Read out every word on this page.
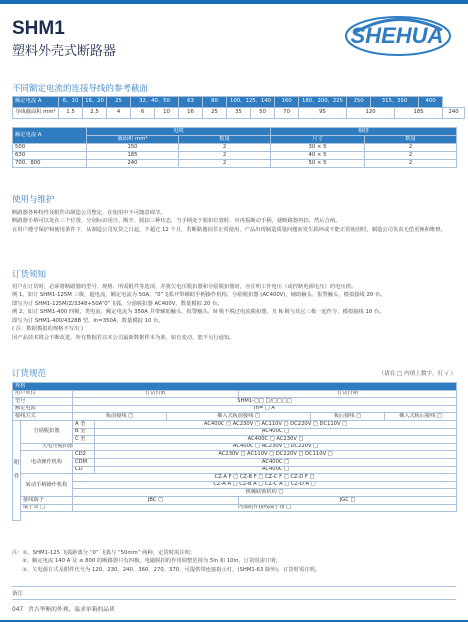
SHM1
塑料外壳式断路器
SHEHUA
不同额定电流的连接导线的参考截面
额定电流 A	6、10	16、20	25	32、40、50		63	80	100、125、140		160	180、200、225	250	315、350		400	
导线截面积 mm²	1.5	2.5	4	6	10	16	25	35	50	70	95	120		185		240
额定电流 A	电缆		铜排	
	截面积 mm²	数量	尺寸	数量
500	150	2	30 × 5	2
630	185	2	40 × 5	2
700、800	240	2	50 × 5	2
使用与维护
断路器各种特性及附件由制造公司整定，在使用中不可随意调节。
断路器手柄可以处在三个位置，分别标识闭合、断开、脱扣三种状态，当手柄处于脱扣位置时，应再扳断动手柄，使断路器再扣，然后合闸。
在用户遵守保护和使用条件下，从制造公司发货之日起，不超过 12 个月，若断路器因非正常使用，产品出现制造质量问题而发生损坏或不能正常使用时，制造公司负责无偿更换和维修。
订货须知
用户在订货时，必须将断路器的型号、规格、所需附件等选项，并将欠电压脱扣器和分励脱扣器时，应注明工作电压（或控制电源电压）的电压值。
例 1，如订 SHM1-125M 三极，超电流，额定电流为 50A、“0”飞弧开带辅助手柄操作机构，分励脱扣器 (AC400V)，辅助触头、报警触头，模拟接线 20 台。
即写为订 SHM1-125M/Z/3348+50A“0”飞弧，分励脱扣器 AC400V，数量模拟 20 台。
例 2，如订 SHM1-400 四极，类电流、额定电流为 350A 并带辅助触头、报警触头、N 极不脱过电流脱扣器，且 N 极与其它三极一起作分、模拟接线 10 台。
即写为订 SHM1-400/4328B 型，In=350A，数量模拟 10 台。
( 注：数据模拟的规格不写出 )
因产品技术将会不断改进，所有数据若以本公司最新数据样本为准，如有变动，恕不另行通知。
订货规范	（请在 □ 内填上数字，打 √ ）
规格							
用户单位		订货台数			订货日期		
型号		SHM1-□□ □/□□□□					
额定电流		In= □ A					
接线方式		板前接线 □		插入式板前接线 □		板后接线 □	插入式板后接线 □
附

件	分励脱扣器	A 型	AC400C □ AC230V □ AC110V □ DC220V □ DC110V □				
		B 型	AC400C □				
		C 型	AC400C □ AC230V □				
	欠电压脱扣器		AC400C □ AC230V □ DC220V □				
	电动操作机构	CD2	AC230V □ AC110V □ DC220V □ DC110V □				
		CDM	AC400C □				
		CD	AC400C □				
	转动手柄操作机构	CZ-A F □ CZ-B F □ CZ-C F □ CZ-D F □					
		CZ-A A □ CZ-B A □ CZ-C A □ CZ-D A □					
		机械联锁机构 □					
	接线端子	JBC □			JGC □		
	端子罩 □	内部附件接线端子排 □					

注：①、SHM1-125 飞弧距离分 “0” 飞弧与 “50mm” 两种，定货时需注明；
②、额定电流 140 A 及 ≤ 800 的断路器只有四极，电磁脱扣的作用调整范围为 5In 和 10In，订货时需订明；
③、欠电源方式及附件代号为 120、230、240、360、270、370，可提供带连接指示灯，(SHM1-63 除外)，订货时需注明。
备注
047 舍吉华断的外观、温求单箱的品质
